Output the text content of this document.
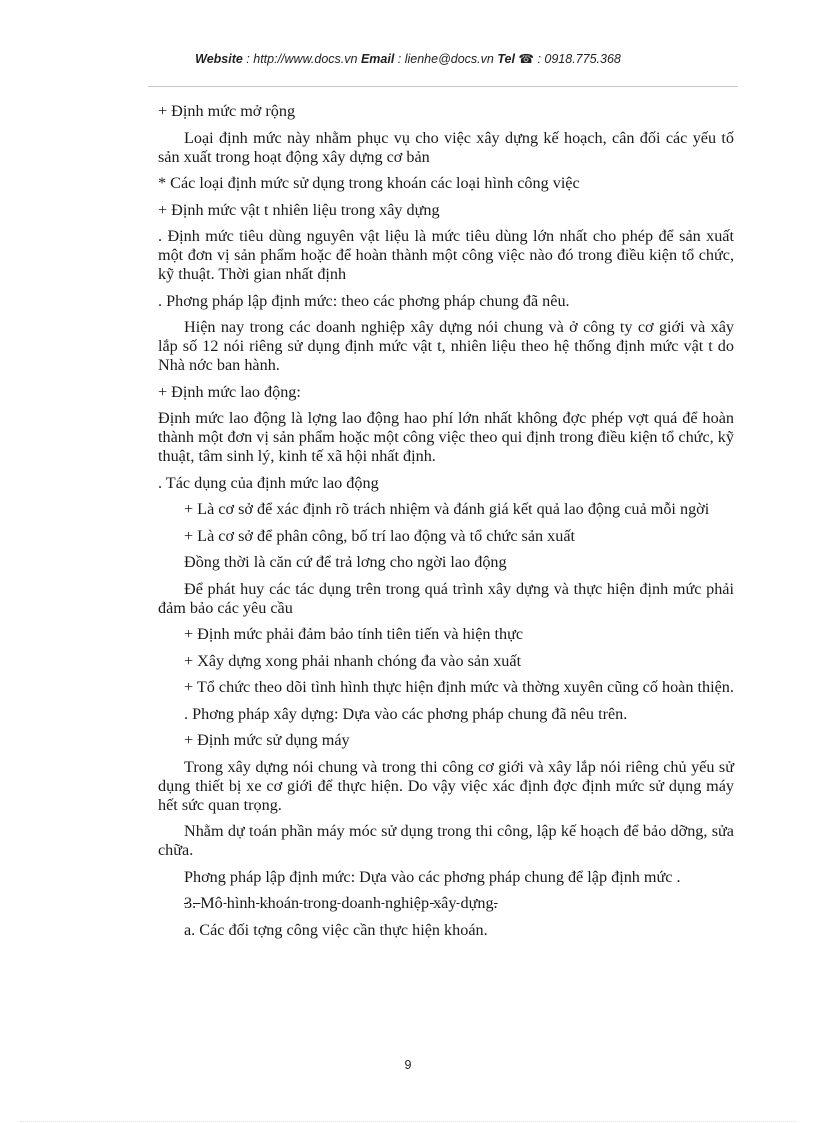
Website : http://www.docs.vn Email : lienhe@docs.vn Tel ☎ : 0918.775.368

+ Định mức mở rộng

Loại định mức này nhằm phục vụ cho việc xây dựng kế hoạch, cân đối các yếu tố sản xuất trong hoạt động xây dựng cơ bản

* Các loại định mức sử dụng trong khoán các loại hình công việc

+ Định mức vật t nhiên liệu trong xây dựng

. Định mức tiêu dùng nguyên vật liệu là mức tiêu dùng lớn nhất cho phép để sản xuất một đơn vị sản phẩm hoặc để hoàn thành một công việc nào đó trong điều kiện tổ chức, kỹ thuật. Thời gian nhất định

. Phơng pháp lập định mức: theo các phơng pháp chung đã nêu.

Hiện nay trong các doanh nghiệp xây dựng nói chung và ở công ty cơ giới và xây lắp số 12 nói riêng sử dụng định mức vật t, nhiên liệu theo hệ thống định mức vật t do Nhà nớc ban hành.

+ Định mức lao động:

Định mức lao động là lợng lao động hao phí lớn nhất không đợc phép vợt quá để hoàn thành một đơn vị sản phẩm hoặc một công việc theo qui định trong điều kiện tổ chức, kỹ thuật, tâm sinh lý, kinh tế xã hội nhất định.

. Tác dụng của định mức lao động

+ Là cơ sở để xác định rõ trách nhiệm và đánh giá kết quả lao động cuả mỗi ngời

+ Là cơ sở để phân công, bố trí lao động và tổ chức sản xuất

Đồng thời là căn cứ để trả lơng cho ngời lao động

Để phát huy các tác dụng trên trong quá trình xây dựng và thực hiện định mức phải đảm bảo các yêu cầu

+ Định mức phải đảm bảo tính tiên tiến và hiện thực

+ Xây dựng xong phải nhanh chóng đa vào sản xuất

+ Tổ chức theo dõi tình hình thực hiện định mức và thờng xuyên cũng cố hoàn thiện.

. Phơng pháp xây dựng: Dựa vào các phơng pháp chung đã nêu trên.

+ Định mức sử dụng máy

Trong xây dựng nói chung và trong thi công cơ giới và xây lắp nói riêng chủ yếu sử dụng thiết bị xe cơ giới để thực hiện. Do vậy việc xác định đợc định mức sử dụng máy hết sức quan trọng.

Nhằm dự toán phần máy móc sử dụng trong thi công, lập kế hoạch để bảo dỡng, sửa chữa.

Phơng pháp lập định mức: Dựa vào các phơng pháp chung để lập định mức .

3. Mô hình khoán trong doanh nghiệp xây dựng.

a. Các đối tợng công việc cần thực hiện khoán.

9
